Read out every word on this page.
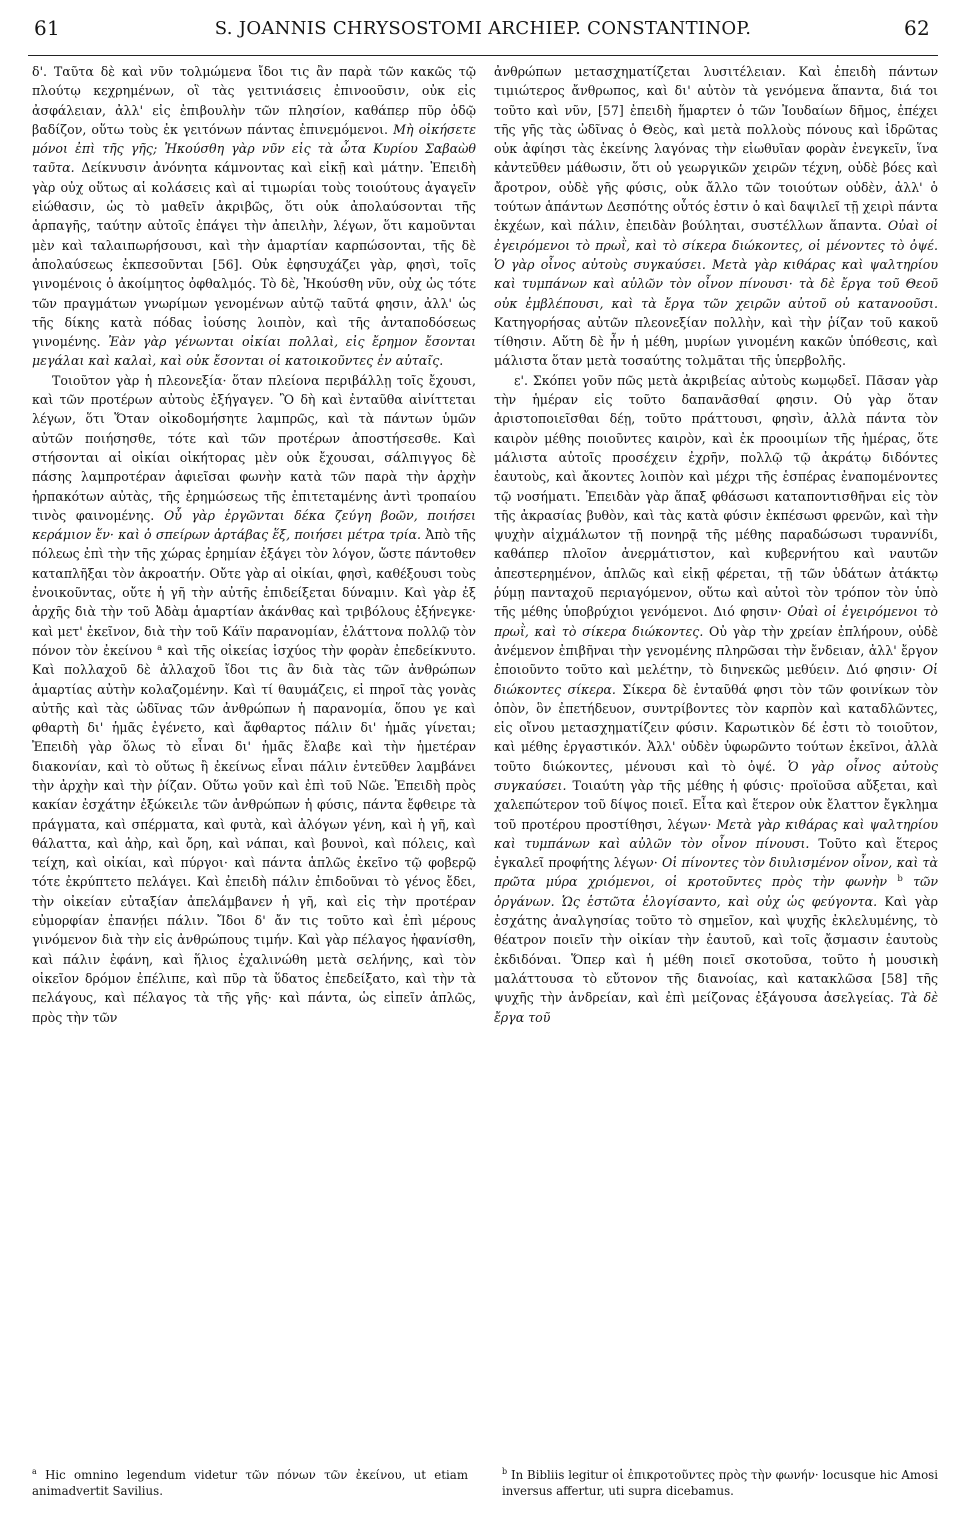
61	S. JOANNIS CHRYSOSTOMI ARCHIEP. CONSTANTINOP.	62

δ'. Ταῦτα δὲ καὶ νῦν τολμώμενα ἴδοι τις ἂν παρὰ τῶν κακῶς τῷ πλούτῳ κεχρημένων, οἳ τὰς γειτνιάσεις ἐπινοοῦσιν, οὐκ εἰς ἀσφάλειαν, ἀλλ' εἰς ἐπιβουλὴν τῶν πλησίον, καθάπερ πῦρ ὁδῷ βαδίζον, οὕτω τοὺς ἐκ γειτόνων πάντας ἐπινεμόμενοι. Μὴ οἰκήσετε μόνοι ἐπὶ τῆς γῆς; Ἠκούσθη γὰρ νῦν εἰς τὰ ὦτα Κυρίου Σαβαὼθ ταῦτα. Δείκνυσιν ἀνόνητα κάμνοντας καὶ εἰκῇ καὶ μάτην. Ἐπειδὴ γὰρ οὐχ οὕτως αἱ κολάσεις καὶ αἱ τιμωρίαι τοὺς τοιούτους ἀγαγεῖν εἰώθασιν, ὡς τὸ μαθεῖν ἀκριβῶς, ὅτι οὐκ ἀπολαύσονται τῆς ἁρπαγῆς, ταύτην αὐτοῖς ἐπάγει τὴν ἀπειλὴν, λέγων, ὅτι καμοῦνται μὲν καὶ ταλαιπωρήσουσι, καὶ τὴν ἁμαρτίαν καρπώσονται, τῆς δὲ ἀπολαύσεως ἐκπεσοῦνται [56]. Οὐκ ἐφησυχάζει γὰρ, φησὶ, τοῖς γινομένοις ὁ ἀκοίμητος ὀφθαλμός. Τὸ δὲ, Ἠκούσθη νῦν, οὐχ ὡς τότε τῶν πραγμάτων γνωρίμων γενομένων αὐτῷ ταῦτά φησιν, ἀλλ' ὡς τῆς δίκης κατὰ πόδας ἰούσης λοιπὸν, καὶ τῆς ἀνταποδόσεως γινομένης. Ἐὰν γὰρ γένωνται οἰκίαι πολλαὶ, εἰς ἔρημον ἔσονται μεγάλαι καὶ καλαὶ, καὶ οὐκ ἔσονται οἱ κατοικοῦντες ἐν αὐταῖς.

Τοιοῦτον γὰρ ἡ πλεονεξία· ὅταν πλείονα περιβάλλῃ τοῖς ἔχουσι, καὶ τῶν προτέρων αὐτοὺς ἐξήγαγεν. Ὃ δὴ καὶ ἐνταῦθα αἰνίττεται λέγων, ὅτι Ὅταν οἰκοδομήσητε λαμπρῶς, καὶ τὰ πάντων ὑμῶν αὐτῶν ποιήσησθε, τότε καὶ τῶν προτέρων ἀποστήσεσθε. Καὶ στήσονται αἱ οἰκίαι οἰκήτορας μὲν οὐκ ἔχουσαι, σάλπιγγος δὲ πάσης λαμπροτέραν ἀφιεῖσαι φωνὴν κατὰ τῶν παρὰ τὴν ἀρχὴν ἡρπακότων αὐτὰς, τῆς ἐρημώσεως τῆς ἐπιτεταμένης ἀντὶ τροπαίου τινὸς φαινομένης. Οὗ γὰρ ἐργῶνται δέκα ζεύγη βοῶν, ποιήσει κεράμιον ἕν· καὶ ὁ σπείρων ἀρτάβας ἕξ, ποιήσει μέτρα τρία. Ἀπὸ τῆς πόλεως ἐπὶ τὴν τῆς χώρας ἐρημίαν ἐξάγει τὸν λόγον, ὥστε πάντοθεν καταπλῆξαι τὸν ἀκροατήν. Οὔτε γὰρ αἱ οἰκίαι, φησὶ, καθέξουσι τοὺς ἐνοικοῦντας, οὔτε ἡ γῆ τὴν αὐτῆς ἐπιδείξεται δύναμιν. Καὶ γὰρ ἐξ ἀρχῆς διὰ τὴν τοῦ Ἀδὰμ ἁμαρτίαν ἀκάνθας καὶ τριβόλους ἐξήνεγκε· καὶ μετ' ἐκεῖνον, διὰ τὴν τοῦ Κάϊν παρανομίαν, ἐλάττονα πολλῷ τὸν πόνον τὸν ἐκείνου $^a$ καὶ τῆς οἰκείας ἰσχύος τὴν φορὰν ἐπεδείκνυτο. Καὶ πολλαχοῦ δὲ ἀλλαχοῦ ἴδοι τις ἂν διὰ τὰς τῶν ἀνθρώπων ἁμαρτίας αὐτὴν κολαζομένην. Καὶ τί θαυμάζεις, εἰ πηροῖ τὰς γονὰς αὐτῆς καὶ τὰς ὠδῖνας τῶν ἀνθρώπων ἡ παρανομία, ὅπου γε καὶ φθαρτὴ δι' ἡμᾶς ἐγένετο, καὶ ἄφθαρτος πάλιν δι' ἡμᾶς γίνεται; Ἐπειδὴ γὰρ ὅλως τὸ εἶναι δι' ἡμᾶς ἔλαβε καὶ τὴν ἡμετέραν διακονίαν, καὶ τὸ οὕτως ἢ ἐκείνως εἶναι πάλιν ἐντεῦθεν λαμβάνει τὴν ἀρχὴν καὶ τὴν ῥίζαν. Οὕτω γοῦν καὶ ἐπὶ τοῦ Νῶε. Ἐπειδὴ πρὸς κακίαν ἐσχάτην ἐξώκειλε τῶν ἀνθρώπων ἡ φύσις, πάντα ἔφθειρε τὰ πράγματα, καὶ σπέρματα, καὶ φυτὰ, καὶ ἀλόγων γένη, καὶ ἡ γῆ, καὶ θάλαττα, καὶ ἀὴρ, καὶ ὄρη, καὶ νάπαι, καὶ βουνοὶ, καὶ πόλεις, καὶ τείχη, καὶ οἰκίαι, καὶ πύργοι· καὶ πάντα ἁπλῶς ἐκεῖνο τῷ φοβερῷ τότε ἐκρύπτετο πελάγει. Καὶ ἐπειδὴ πάλιν ἐπιδοῦναι τὸ γένος ἔδει, τὴν οἰκείαν εὐταξίαν ἀπελάμβανεν ἡ γῆ, καὶ εἰς τὴν προτέραν εὐμορφίαν ἐπανῄει πάλιν. Ἴδοι δ' ἄν τις τοῦτο καὶ ἐπὶ μέρους γινόμενον διὰ τὴν εἰς ἀνθρώπους τιμήν. Καὶ γὰρ πέλαγος ἠφανίσθη, καὶ πάλιν ἐφάνη, καὶ ἥλιος ἐχαλινώθη μετὰ σελήνης, καὶ τὸν οἰκεῖον δρόμον ἐπέλιπε, καὶ πῦρ τὰ ὕδατος ἐπεδείξατο, καὶ τὴν τὰ πελάγους, καὶ πέλαγος τὰ τῆς γῆς· καὶ πάντα, ὡς εἰπεῖν ἁπλῶς, πρὸς τὴν τῶν

ἀνθρώπων μετασχηματίζεται λυσιτέλειαν. Καὶ ἐπειδὴ πάντων τιμιώτερος ἄνθρωπος, καὶ δι' αὐτὸν τὰ γενόμενα ἅπαντα, διά τοι τοῦτο καὶ νῦν, [57] ἐπειδὴ ἥμαρτεν ὁ τῶν Ἰουδαίων δῆμος, ἐπέχει τῆς γῆς τὰς ὠδῖνας ὁ Θεὸς, καὶ μετὰ πολλοὺς πόνους καὶ ἱδρῶτας οὐκ ἀφίησι τὰς ἐκείνης λαγόνας τὴν εἰωθυῖαν φορὰν ἐνεγκεῖν, ἵνα κἀντεῦθεν μάθωσιν, ὅτι οὐ γεωργικῶν χειρῶν τέχνη, οὐδὲ βόες καὶ ἄροτρον, οὐδὲ γῆς φύσις, οὐκ ἄλλο τῶν τοιούτων οὐδὲν, ἀλλ' ὁ τούτων ἁπάντων Δεσπότης οὗτός ἐστιν ὁ καὶ δαψιλεῖ τῇ χειρὶ πάντα ἐκχέων, καὶ πάλιν, ἐπειδὰν βούληται, συστέλλων ἅπαντα. Οὐαὶ οἱ ἐγειρόμενοι τὸ πρωῒ, καὶ τὸ σίκερα διώκοντες, οἱ μένοντες τὸ ὀψέ. Ὁ γὰρ οἶνος αὐτοὺς συγκαύσει. Μετὰ γὰρ κιθάρας καὶ ψαλτηρίου καὶ τυμπάνων καὶ αὐλῶν τὸν οἶνον πίνουσι· τὰ δὲ ἔργα τοῦ Θεοῦ οὐκ ἐμβλέπουσι, καὶ τὰ ἔργα τῶν χειρῶν αὐτοῦ οὐ κατανοοῦσι. Κατηγορήσας αὐτῶν πλεονεξίαν πολλὴν, καὶ τὴν ῥίζαν τοῦ κακοῦ τίθησιν. Αὕτη δὲ ἦν ἡ μέθη, μυρίων γινομένη κακῶν ὑπόθεσις, καὶ μάλιστα ὅταν μετὰ τοσαύτης τολμᾶται τῆς ὑπερβολῆς.

ε'. Σκόπει γοῦν πῶς μετὰ ἀκριβείας αὐτοὺς κωμῳδεῖ. Πᾶσαν γὰρ τὴν ἡμέραν εἰς τοῦτο δαπανᾶσθαί φησιν. Οὐ γὰρ ὅταν ἀριστοποιεῖσθαι δέῃ, τοῦτο πράττουσι, φησὶν, ἀλλὰ πάντα τὸν καιρὸν μέθης ποιοῦντες καιρὸν, καὶ ἐκ προοιμίων τῆς ἡμέρας, ὅτε μάλιστα αὐτοῖς προσέχειν ἐχρῆν, πολλῷ τῷ ἀκράτῳ διδόντες ἑαυτοὺς, καὶ ἄκοντες λοιπὸν καὶ μέχρι τῆς ἑσπέρας ἐναπομένοντες τῷ νοσήματι. Ἐπειδὰν γὰρ ἅπαξ φθάσωσι καταποντισθῆναι εἰς τὸν τῆς ἀκρασίας βυθὸν, καὶ τὰς κατὰ φύσιν ἐκπέσωσι φρενῶν, καὶ τὴν ψυχὴν αἰχμάλωτον τῇ πονηρᾷ τῆς μέθης παραδώσωσι τυραννίδι, καθάπερ πλοῖον ἀνερμάτιστον, καὶ κυβερνήτου καὶ ναυτῶν ἀπεστερημένον, ἁπλῶς καὶ εἰκῇ φέρεται, τῇ τῶν ὑδάτων ἀτάκτῳ ῥύμῃ πανταχοῦ περιαγόμενον, οὕτω καὶ αὐτοὶ τὸν τρόπον τὸν ὑπὸ τῆς μέθης ὑποβρύχιοι γενόμενοι. Διό φησιν· Οὐαὶ οἱ ἐγειρόμενοι τὸ πρωῒ, καὶ τὸ σίκερα διώκοντες. Οὐ γὰρ τὴν χρείαν ἐπλήρουν, οὐδὲ ἀνέμενον ἐπιβῆναι τὴν γενομένης πληρῶσαι τὴν ἔνδειαν, ἀλλ' ἔργον ἐποιοῦντο τοῦτο καὶ μελέτην, τὸ διηνεκῶς μεθύειν. Διό φησιν· Οἱ διώκοντες σίκερα. Σίκερα δὲ ἐνταῦθά φησι τὸν τῶν φοινίκων τὸν ὀπὸν, ὃν ἐπετήδευον, συντρίβοντες τὸν καρπὸν καὶ καταδλῶντες, εἰς οἴνου μετασχηματίζειν φύσιν. Καρωτικὸν δέ ἐστι τὸ τοιοῦτον, καὶ μέθης ἐργαστικόν. Ἀλλ' οὐδὲν ὑφωρῶντο τούτων ἐκεῖνοι, ἀλλὰ τοῦτο διώκοντες, μένουσι καὶ τὸ ὀψέ. Ὁ γὰρ οἶνος αὐτοὺς συγκαύσει. Τοιαύτη γὰρ τῆς μέθης ἡ φύσις· προϊοῦσα αὔξεται, καὶ χαλεπώτερον τοῦ δίψος ποιεῖ. Εἶτα καὶ ἕτερον οὐκ ἔλαττον ἔγκλημα τοῦ προτέρου προστίθησι, λέγων· Μετὰ γὰρ κιθάρας καὶ ψαλτηρίου καὶ τυμπάνων καὶ αὐλῶν τὸν οἶνον πίνουσι. Τοῦτο καὶ ἕτερος ἐγκαλεῖ προφήτης λέγων· Οἱ πίνοντες τὸν διυλισμένον οἶνον, καὶ τὰ πρῶτα μύρα χριόμενοι, οἱ κροτοῦντες πρὸς τὴν φωνὴν $^b$ τῶν ὀργάνων. Ὡς ἑστῶτα ἐλογίσαντο, καὶ οὐχ ὡς φεύγοντα. Καὶ γὰρ ἐσχάτης ἀναλγησίας τοῦτο τὸ σημεῖον, καὶ ψυχῆς ἐκλελυμένης, τὸ θέατρον ποιεῖν τὴν οἰκίαν τὴν ἑαυτοῦ, καὶ τοῖς ᾄσμασιν ἑαυτοὺς ἐκδιδόναι. Ὅπερ καὶ ἡ μέθη ποιεῖ σκοτοῦσα, τοῦτο ἡ μουσικὴ μαλάττουσα τὸ εὔτονον τῆς διανοίας, καὶ κατακλῶσα [58] τῆς ψυχῆς τὴν ἀνδρείαν, καὶ ἐπὶ μείζονας ἐξάγουσα ἀσελγείας. Τὰ δὲ ἔργα τοῦ

$^a$ Hic omnino legendum videtur τῶν πόνων τῶν ἐκείνου, ut etiam animadvertit Savilius.
$^b$ In Bibliis legitur οἱ ἐπικροτοῦντες πρὸς τὴν φωνήν· locusque hic Amosi inversus affertur, uti supra dicebamus.
